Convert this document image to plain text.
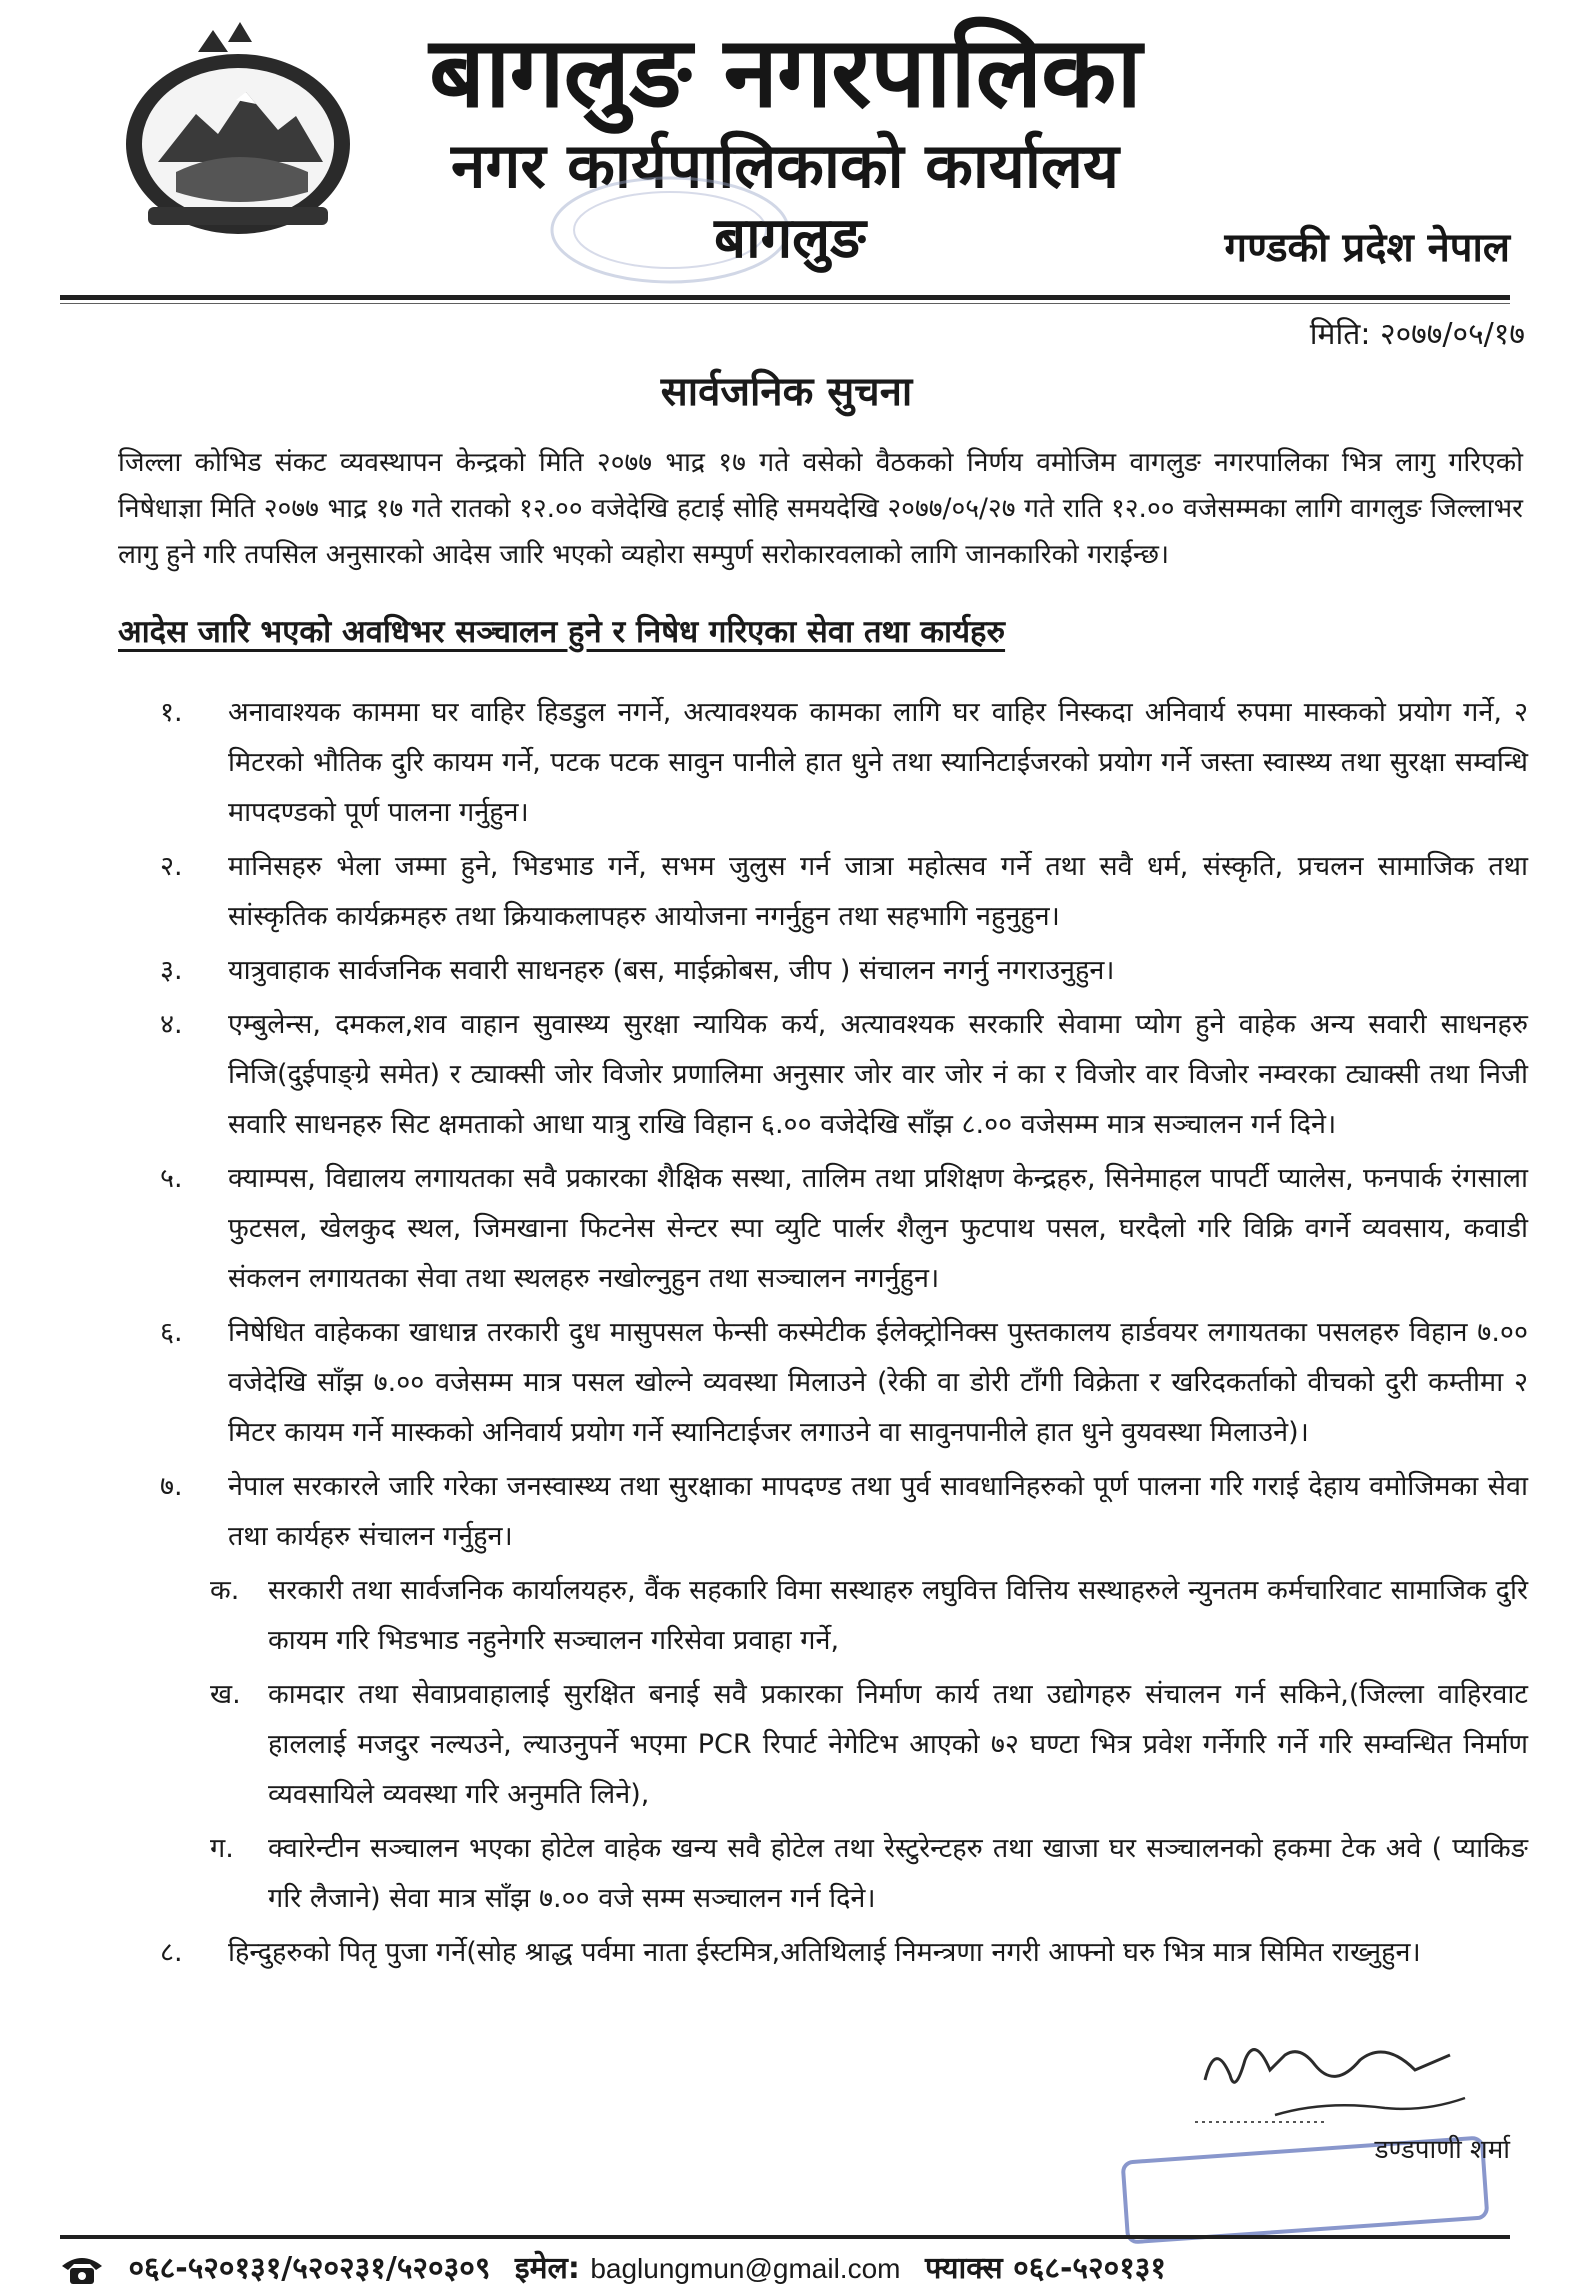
बागलुङ नगरपालिका
नगर कार्यपालिकाको कार्यालय
बागलुङ	गण्डकी प्रदेश नेपाल
मिति: २०७७/०५/१७
सार्वजनिक सुचना
जिल्ला कोभिड संकट व्यवस्थापन केन्द्रको मिति २०७७ भाद्र १७ गते वसेको वैठकको निर्णय वमोजिम वागलुङ नगरपालिका भित्र लागु गरिएको निषेधाज्ञा मिति २०७७ भाद्र १७ गते रातको १२.०० वजेदेखि हटाई सोहि समयदेखि २०७७/०५/२७ गते राति १२.०० वजेसम्मका लागि वागलुङ जिल्लाभर लागु हुने गरि तपसिल अनुसारको आदेस जारि भएको व्यहोरा सम्पुर्ण सरोकारवलाको लागि जानकारिको गराईन्छ।
आदेस जारि भएको अवधिभर सञ्चालन हुने र निषेध गरिएका सेवा तथा कार्यहरु
१. अनावाश्यक काममा घर वाहिर हिडडुल नगर्ने, अत्यावश्यक कामका लागि घर वाहिर निस्कदा अनिवार्य रुपमा मास्कको प्रयोग गर्ने, २ मिटरको भौतिक दुरि कायम गर्ने, पटक पटक सावुन पानीले हात धुने तथा स्यानिटाईजरको प्रयोग गर्ने जस्ता स्वास्थ्य तथा सुरक्षा सम्वन्धि मापदण्डको पूर्ण पालना गर्नुहुन।
२. मानिसहरु भेला जम्मा हुने, भिडभाड गर्ने, सभम जुलुस गर्न जात्रा महोत्सव गर्ने तथा सवै धर्म, संस्कृति, प्रचलन सामाजिक तथा सांस्कृतिक कार्यक्रमहरु तथा क्रियाकलापहरु आयोजना नगर्नुहुन तथा सहभागि नहुनुहुन।
३. यात्रुवाहाक सार्वजनिक सवारी साधनहरु (बस, माईक्रोबस, जीप ) संचालन नगर्नु नगराउनुहुन।
४. एम्बुलेन्स, दमकल,शव वाहान सुवास्थ्य सुरक्षा न्यायिक कर्य, अत्यावश्यक सरकारि सेवामा प्योग हुने वाहेक अन्य सवारी साधनहरु निजि(दुईपाङ्ग्रे समेत) र ट्याक्सी जोर विजोर प्रणालिमा अनुसार जोर वार जोर नं का र विजोर वार विजोर नम्वरका ट्याक्सी तथा निजी सवारि साधनहरु सिट क्षमताको आधा यात्रु राखि विहान ६.०० वजेदेखि साँझ ८.०० वजेसम्म मात्र सञ्चालन गर्न दिने।
५. क्याम्पस, विद्यालय लगायतका सवै प्रकारका शैक्षिक सस्था, तालिम तथा प्रशिक्षण केन्द्रहरु, सिनेमाहल पापर्टी प्यालेस, फनपार्क रंगसाला फुटसल, खेलकुद स्थल, जिमखाना फिटनेस सेन्टर स्पा व्युटि पार्लर शैलुन फुटपाथ पसल, घरदैलो गरि विक्रि वगर्ने व्यवसाय, कवाडी संकलन लगायतका सेवा तथा स्थलहरु नखोल्नुहुन तथा सञ्चालन नगर्नुहुन।
६. निषेधित वाहेकका खाधान्न तरकारी दुध मासुपसल फेन्सी कस्मेटीक ईलेक्ट्रोनिक्स पुस्तकालय हार्डवयर लगायतका पसलहरु विहान ७.०० वजेदेखि साँझ ७.०० वजेसम्म मात्र पसल खोल्ने व्यवस्था मिलाउने (रेकी वा डोरी टाँगी विक्रेता र खरिदकर्ताको वीचको दुरी कम्तीमा २ मिटर कायम गर्ने मास्कको अनिवार्य प्रयोग गर्ने स्यानिटाईजर लगाउने वा सावुनपानीले हात धुने वुयवस्था मिलाउने)।
७. नेपाल सरकारले जारि गरेका जनस्वास्थ्य तथा सुरक्षाका मापदण्ड तथा पुर्व सावधानिहरुको पूर्ण पालना गरि गराई देहाय वमोजिमका सेवा तथा कार्यहरु संचालन गर्नुहुन।
क. सरकारी तथा सार्वजनिक कार्यालयहरु, वैंक सहकारि विमा सस्थाहरु लघुवित्त वित्तिय सस्थाहरुले न्युनतम कर्मचारिवाट सामाजिक दुरि कायम गरि भिडभाड नहुनेगरि सञ्चालन गरिसेवा प्रवाहा गर्ने,
ख. कामदार तथा सेवाप्रवाहालाई सुरक्षित बनाई सवै प्रकारका निर्माण कार्य तथा उद्योगहरु संचालन गर्न सकिने,(जिल्ला वाहिरवाट हाललाई मजदुर नल्यउने, ल्याउनुपर्ने भएमा PCR रिपार्ट नेगेटिभ आएको ७२ घण्टा भित्र प्रवेश गर्नेगरि गर्ने गरि सम्वन्धित निर्माण व्यवसायिले व्यवस्था गरि अनुमति लिने),
ग. क्वारेन्टीन सञ्चालन भएका होटेल वाहेक खन्य सवै होटेल तथा रेस्टुरेन्टहरु तथा खाजा घर सञ्चालनको हकमा टेक अवे ( प्याकिङ गरि लैजाने) सेवा मात्र साँझ ७.०० वजे सम्म सञ्चालन गर्न दिने।
८. हिन्दुहरुको पितृ पुजा गर्ने(सोह श्राद्ध पर्वमा नाता ईस्टमित्र,अतिथिलाई निमन्त्रणा नगरी आफ्नो घरु भित्र मात्र सिमित राख्नुहुन।
डण्डपाणी शर्मा
०६८-५२०१३१/५२०२३१/५२०३०९ इमेल: baglungmun@gmail.com फ्याक्स ०६८-५२०१३१
